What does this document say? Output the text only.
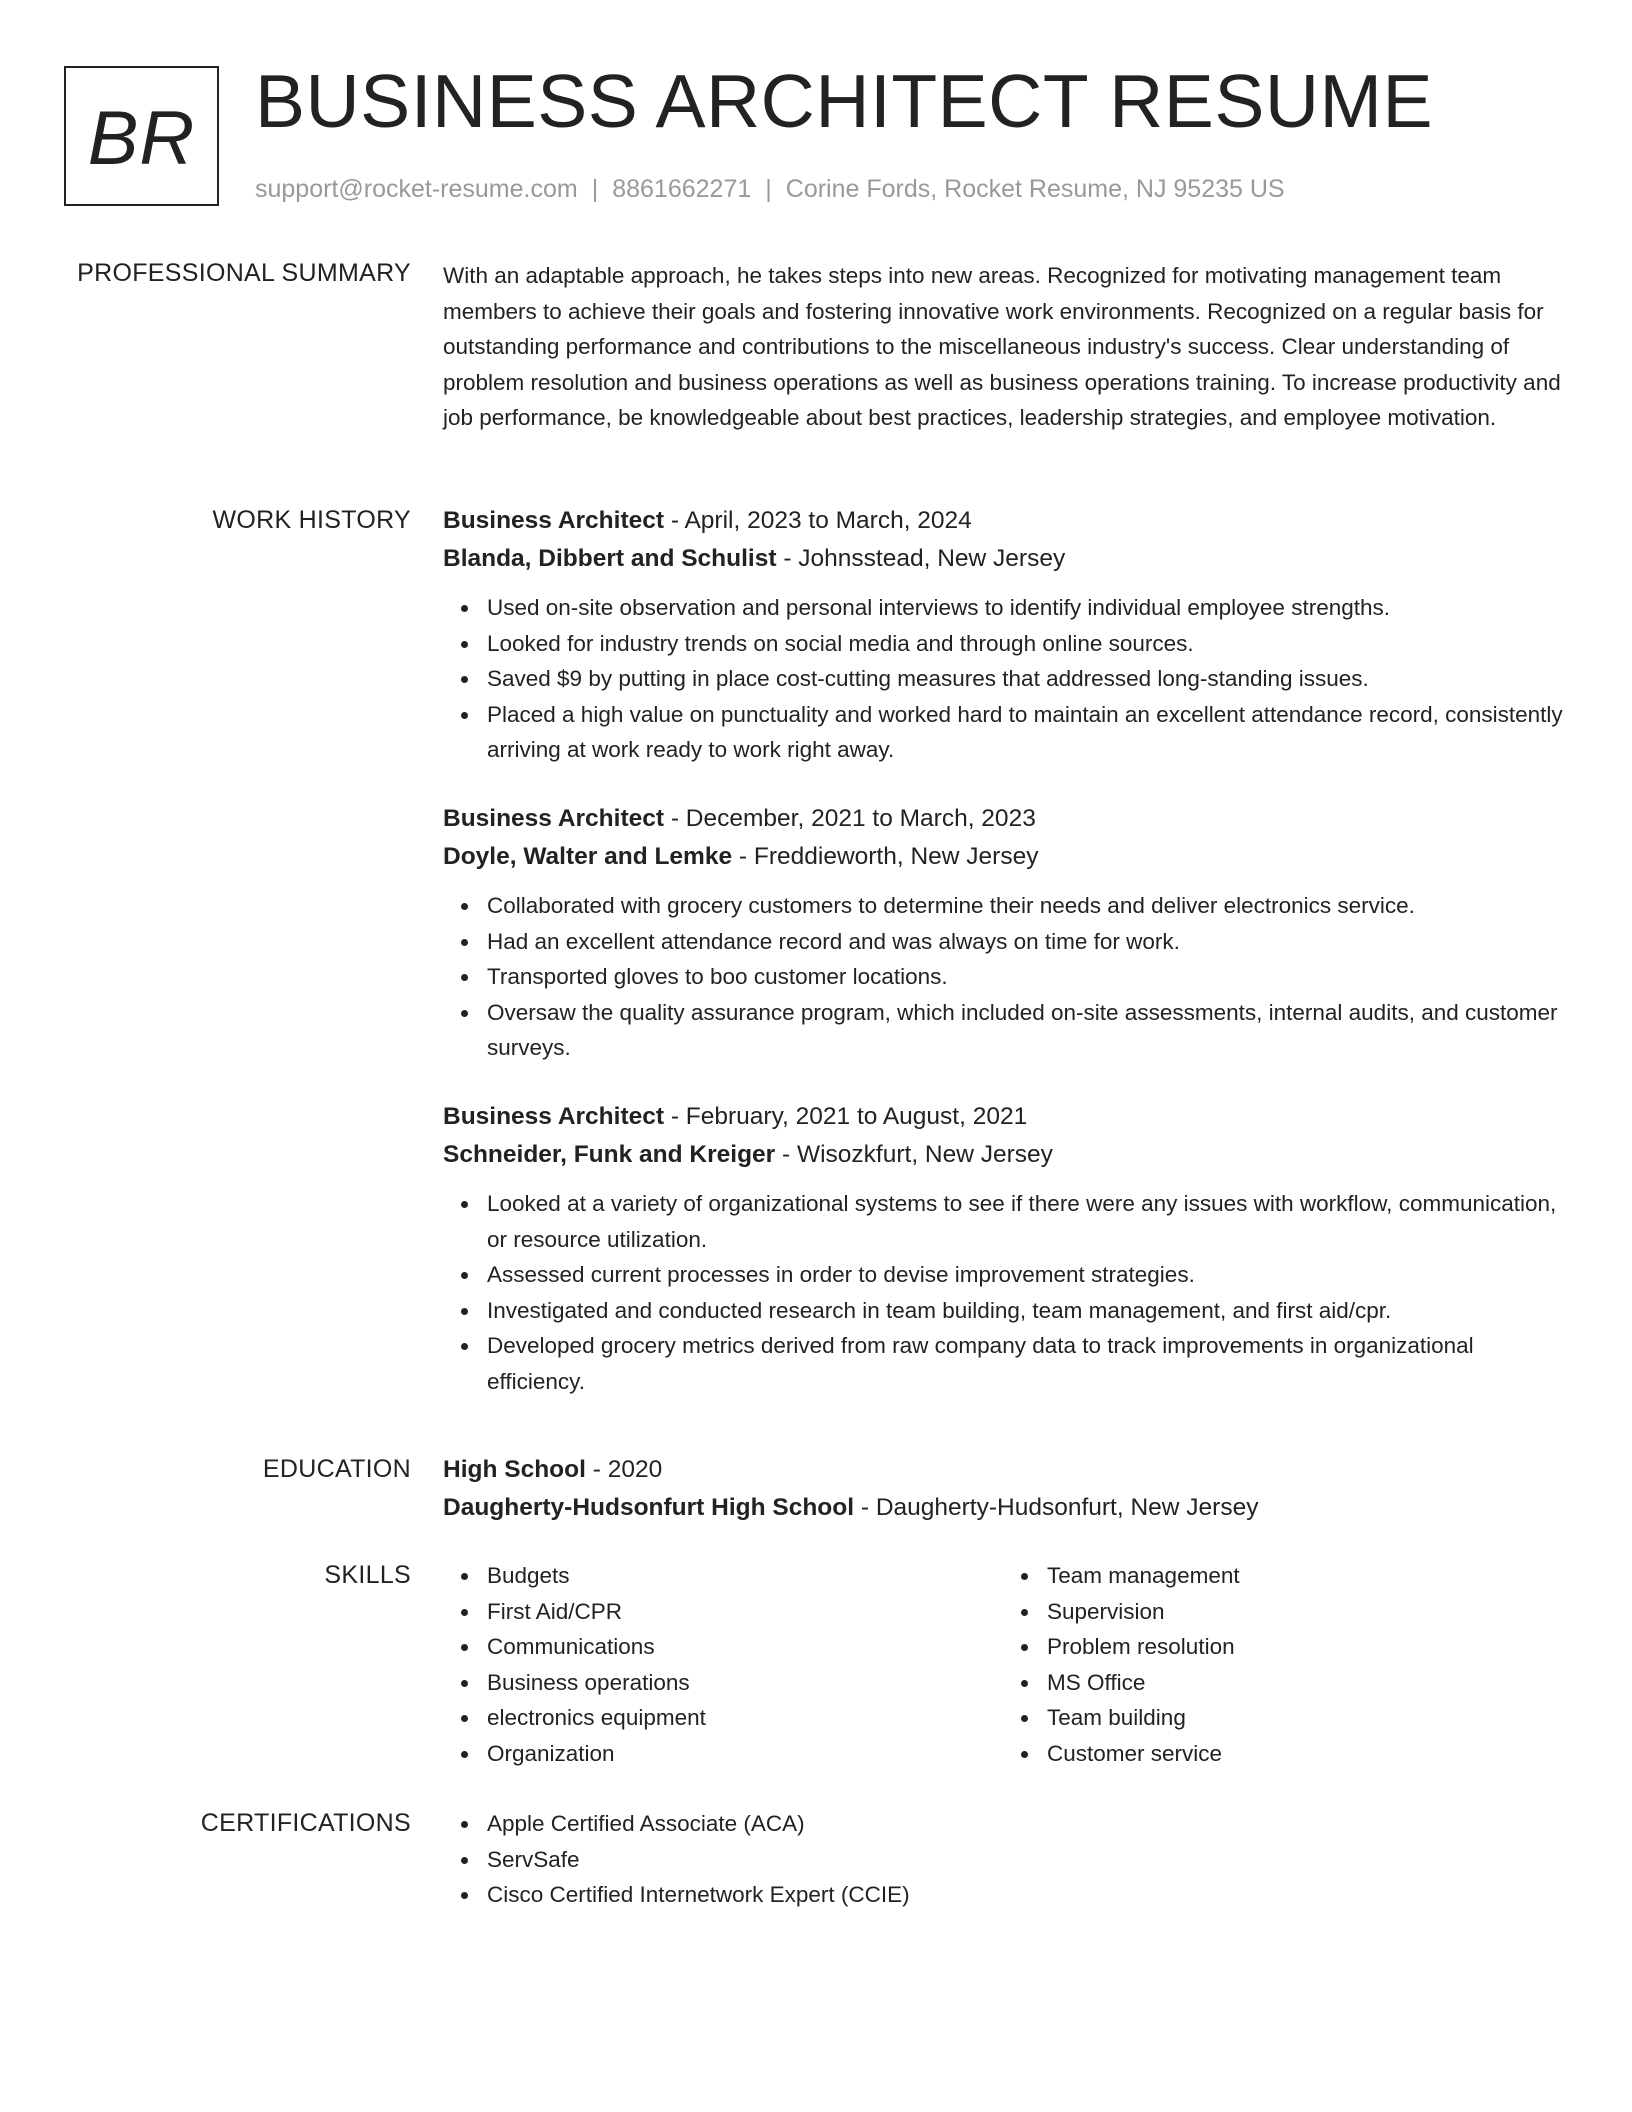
BR BUSINESS ARCHITECT RESUME
support@rocket-resume.com | 8861662271 | Corine Fords, Rocket Resume, NJ 95235 US
PROFESSIONAL SUMMARY With an adaptable approach, he takes steps into new areas. Recognized for motivating management team members to achieve their goals and fostering innovative work environments. Recognized on a regular basis for outstanding performance and contributions to the miscellaneous industry's success. Clear understanding of problem resolution and business operations as well as business operations training. To increase productivity and job performance, be knowledgeable about best practices, leadership strategies, and employee motivation.

WORK HISTORY Business Architect - April, 2023 to March, 2024

Blanda, Dibbert and Schulist - Johnsstead, New Jersey

Used on-site observation and personal interviews to identify individual employee strengths.
Looked for industry trends on social media and through online sources.
Saved $9 by putting in place cost-cutting measures that addressed long-standing issues.
Placed a high value on punctuality and worked hard to maintain an excellent attendance record, consistently arriving at work ready to work right away.

Business Architect - December, 2021 to March, 2023

Doyle, Walter and Lemke - Freddieworth, New Jersey

Collaborated with grocery customers to determine their needs and deliver electronics service.
Had an excellent attendance record and was always on time for work.
Transported gloves to boo customer locations.
Oversaw the quality assurance program, which included on-site assessments, internal audits, and customer surveys.

Business Architect - February, 2021 to August, 2021

Schneider, Funk and Kreiger - Wisozkfurt, New Jersey

Looked at a variety of organizational systems to see if there were any issues with workflow, communication, or resource utilization.
Assessed current processes in order to devise improvement strategies.
Investigated and conducted research in team building, team management, and first aid/cpr.
Developed grocery metrics derived from raw company data to track improvements in organizational efficiency.
EDUCATION High School - 2020

Daugherty-Hudsonfurt High School - Daugherty-Hudsonfurt, New Jersey

SKILLS	Budgets
First Aid/CPR
Communications
Business operations
electronics equipment
Organization
Team management
Supervision
Problem resolution
MS Office
Team building
Customer service
CERTIFICATIONS	Apple Certified Associate (ACA)
ServSafe
Cisco Certified Internetwork Expert (CCIE)
